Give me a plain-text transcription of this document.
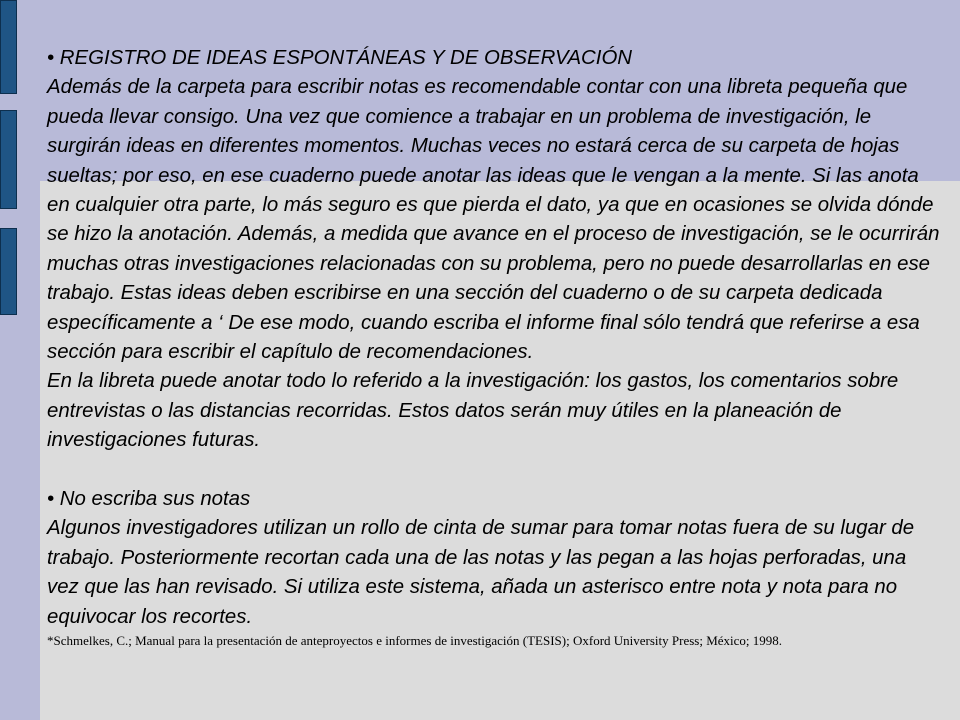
• REGISTRO DE IDEAS ESPONTÁNEAS Y DE OBSERVACIÓN

Además de la carpeta para escribir notas es recomendable contar con una libreta pequeña que pueda llevar consigo. Una vez que comience a trabajar en un problema de investigación, le surgirán ideas en diferentes momentos. Muchas veces no estará cerca de su carpeta de hojas sueltas; por eso, en ese cuaderno puede anotar las ideas que le vengan a la mente. Si las anota en cualquier otra parte, lo más seguro es que pierda el dato, ya que en ocasiones se olvida dónde se hizo la anotación. Además, a medida que avance en el proceso de investigación, se le ocurrirán muchas otras investigaciones relacionadas con su problema, pero no puede desarrollarlas en ese trabajo. Estas ideas deben escribirse en una sección del cuaderno o de su carpeta dedicada específicamente a ‘ De ese modo, cuando escriba el informe final sólo tendrá que referirse a esa sección para escribir el capítulo de recomendaciones.

En la libreta puede anotar todo lo referido a la investigación: los gastos, los comentarios sobre entrevistas o las distancias recorridas. Estos datos serán muy útiles en la planeación de investigaciones futuras.

• No escriba sus notas

Algunos investigadores utilizan un rollo de cinta de sumar para tomar notas fuera de su lugar de trabajo. Posteriormente recortan cada una de las notas y las pegan a las hojas perforadas, una vez que las han revisado. Si utiliza este sistema, añada un asterisco entre nota y nota para no equivocar los recortes.

*Schmelkes, C.; Manual para la presentación de anteproyectos e informes de investigación (TESIS); Oxford University Press; México; 1998.
